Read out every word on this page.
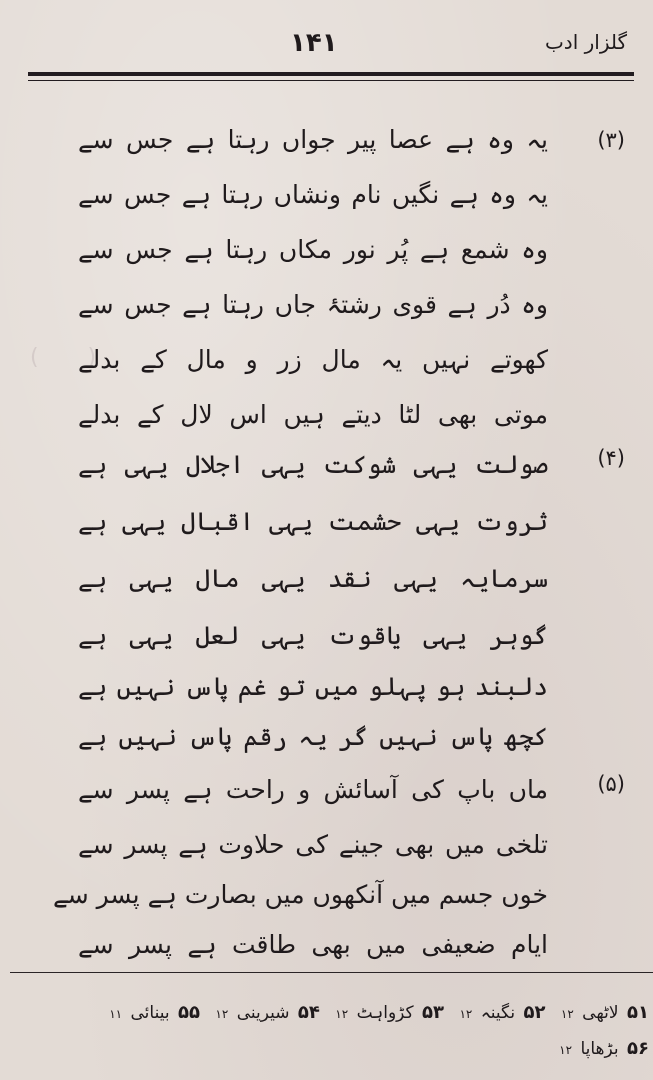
(       )
گلزار ادب
۱۴۱
(۳)
یہ وہ ہے عصا پیر جواں رہتا ہے جس سے
یہ وہ ہے نگیں نام ونشاں رہتا ہے جس سے
وہ شمع ہے پُر نور مکاں رہتا ہے جس سے
وہ دُر ہے قوی رشتۂ جاں رہتا ہے جس سے
کھوتے نہیں یہ مال زر و مال کے بدلے
موتی بھی لٹا دیتے ہیں اس لال کے بدلے
(۴)
صولت یہی شوکت یہی اجلال یہی ہے
ثروت یہی حشمت یہی اقبال یہی ہے
سرمایہ یہی نقد یہی مال یہی ہے
گوہر یہی یاقوت یہی لعل یہی ہے
دلبند ہو پہلو میں تو غم پاس نہیں ہے
کچھ پاس نہیں گر یہ رقم پاس نہیں ہے
(۵)
ماں باپ کی آسائش و راحت ہے پسر سے
تلخی میں بھی جینے کی حلاوت ہے پسر سے
خوں جسم میں آنکھوں میں بصارت ہے پسر سے
ایام ضعیفی میں بھی طاقت ہے پسر سے
۵۱ لاٹھی ۱۲ ۵۲ نگینہ ۱۲ ۵۳ کڑواہٹ ۱۲ ۵۴ شیرینی ۱۲ ۵۵ بینائی ۱۱
۵۶ بڑھاپا ۱۲
